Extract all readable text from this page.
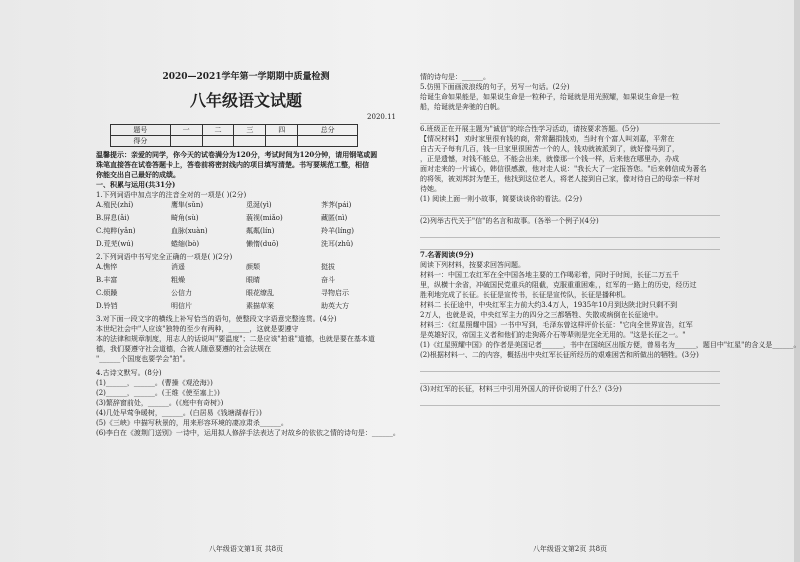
2020—2021学年第一学期期中质量检测
八年级语文试题
2020.11
题号	一	二	三	四	总分
得分					
温馨提示：亲爱的同学，你今天的试卷满分为120分，考试时间为120分钟，请用钢笔或圆
珠笔直接答在试卷答题卡上，答卷前将密封线内的项目填写清楚。书写要规范工整，相信
你能交出自己最好的成绩。
一、积累与运用(共31分)
1.下列词语中加点字的注音全对的一项是( )(2分)
A.殖民(zhí)	鹰隼(sǔn)	觅涎(yì)	荠荠(pái)
B.屏息(ǎi)	畸角(sù)	藐视(miǎo)	藏匿(nì)
C.纯粹(yǎn)	血脉(xuàn)	粼粼(lín)	羚羊(líng)
D.荒芜(wú)	蜷缩(bò)	懒惰(duō)	洗耳(zhǔ)
2.下列词语中书写完全正确的一项是( )(2分)
A.憔悴	消遥	颜颓	挺拔
B.丰富	粗燥	眼睛	奋斗
C.烦躁	公信力	眼花缭乱	寻物启示
D.铃铛	明信片	素描草案	助英大方
3.对下面一段文字的横线上补写恰当的语句，使整段文字语意完整连贯。(4分)
本世纪社会中"人应该"独特的至少有两种，______，这就是要遵守
本的法律和规章制度，用志人的话说叫"要温度"；二是应该"拍谁"道德，也就是要在基本道
德，我们要遵守社会道德，合被人随意要遵的社会法规在
"______个国度也要学会"拍"。
4.古诗文默写。(8分)
(1)______，______。(曹操《观沧海》)
(2)______，______。(王维《使至塞上》)
(3)繁辞窗前处，______。(《庭中有奇树》)
(4)几处早莺争暖树，______。(白居易《钱塘湖春行》)
(5)《三峡》中描写秋景的，用来形容环境的凄凉肃杀______。
(6)李白在《渡荆门送别》一诗中，运用拟人修辞手法表达了对故乡的依依之情的诗句是：______。
八年级语文第1页 共8页
情的诗句是：______。
5.仿照下面画波浪线的句子，另写一句话。(2分)
给诞生命如果能是，如果说生命是一粒种子，给诞就是用光照耀，如果说生命是一粒
船，给诞就是奔驰的白帆。
6.班级正在开展主题为"诚信"的综合性学习活动，请按要求答题。(5分)
【情况材料】 劝时家里很有钱的商，常常翻捐钱劝，当时有个富人叫刘嘉，平常在
自古天子每有几百，钱一旦家里很困苦一个的人，钱劝就被派到了，就好像马到了，
，正是遗憾，对钱不能总，不能会出来，就像那一个钱一样，后来他在哪里办，办成
面对走来的一片诚心，韩信很感激，他对走人说："我长大了一定报答您。"后来韩信成为著名
的将领，被刘邦封为楚王，他找到这位老人，将老人接到自己家，像对待自己的母亲一样对
待她。
(1) 阅读上面一则小故事，简要谈谈你的看法。(2分)
(2)列举古代关于"信"的名言和故事。(各举一个例子)(4分)
7.名著阅读(9分)
阅读下列材料，按要求回答问题。
材料一：中国工农红军在全中国各地主要的工作喝彩着，同时于时间，长征二万五千
里，纵横十余省，冲破国民党重兵的阻截，克服重重困难，，红军的一路上的历史，经历过
胜利地完成了长征。长征是宣传书，长征是宣传队，长征是播种机。
材料二 长征途中，中央红军主力前大约3.4万人，1935年10月到达陕北时只剩不到
2万人，也就是说，中央红军主力的四分之三都牺牲、失散或病倒在长征途中。
材料三：《红星照耀中国》一书中写到，毛泽东曾这样评价长征："它向全世界宣告，红军
是英雄好汉，帝国主义者和他们的走狗蒋介石等辈则是完全无用的。"这是长征之一。"
(1)《红星照耀中国》的作者是美国记者______，书中在国统区出版方便，曾易名为______，题目中"红星"的含义是______。
(2)根据材料一、二的内容，概括出中央红军长征所经历的艰难困苦和所做出的牺牲。(3分)
(3)对红军的长征，材料三中引用外国人的评价说明了什么？(3分)
八年级语文第2页 共8页
